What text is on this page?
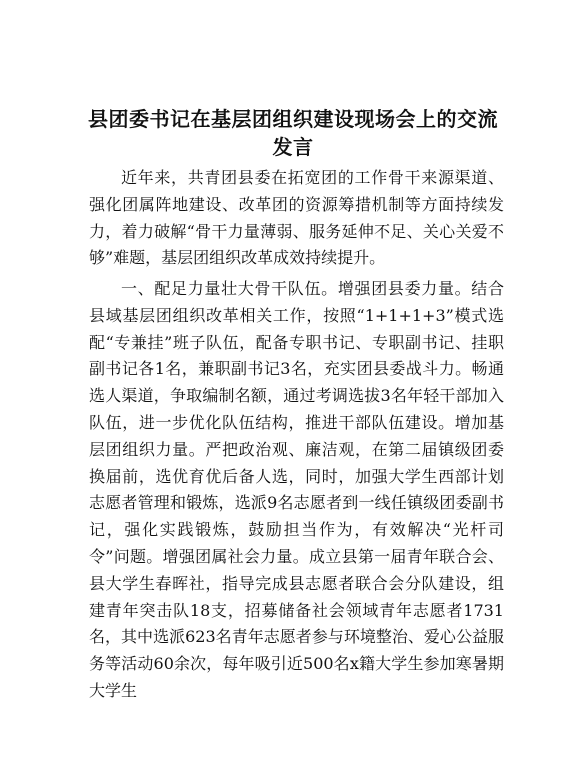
县团委书记在基层团组织建设现场会上的交流
发言

近年来，共青团县委在拓宽团的工作骨干来源渠道、强化团属阵地建设、改革团的资源筹措机制等方面持续发力，着力破解“骨干力量薄弱、服务延伸不足、关心关爱不够”难题，基层团组织改革成效持续提升。

一、配足力量壮大骨干队伍。增强团县委力量。结合县域基层团组织改革相关工作，按照“1+1+1+3”模式选配“专兼挂”班子队伍，配备专职书记、专职副书记、挂职副书记各1名，兼职副书记3名，充实团县委战斗力。畅通选人渠道，争取编制名额，通过考调选拔3名年轻干部加入队伍，进一步优化队伍结构，推进干部队伍建设。增加基层团组织力量。严把政治观、廉洁观，在第二届镇级团委换届前，选优育优后备人选，同时，加强大学生西部计划志愿者管理和锻炼，选派9名志愿者到一线任镇级团委副书记，强化实践锻炼，鼓励担当作为，有效解决“光杆司令”问题。增强团属社会力量。成立县第一届青年联合会、县大学生春晖社，指导完成县志愿者联合会分队建设，组建青年突击队18支，招募储备社会领域青年志愿者1731名，其中选派623名青年志愿者参与环境整治、爱心公益服务等活动60余次，每年吸引近500名x籍大学生参加寒暑期大学生
